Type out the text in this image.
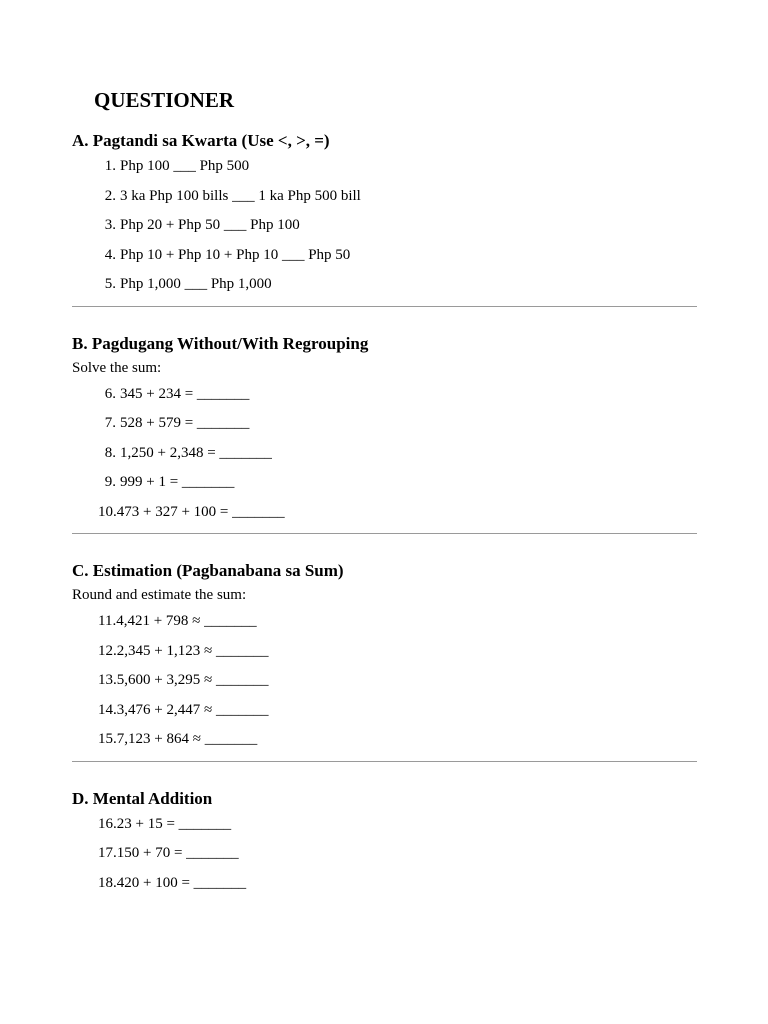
QUESTIONER
A. Pagtandi sa Kwarta (Use <, >, =)
1. Php 100 ___ Php 500
2. 3 ka Php 100 bills ___ 1 ka Php 500 bill
3. Php 20 + Php 50 ___ Php 100
4. Php 10 + Php 10 + Php 10 ___ Php 50
5. Php 1,000 ___ Php 1,000
B. Pagdugang Without/With Regrouping

Solve the sum:

6. 345 + 234 = _______
7. 528 + 579 = _______
8. 1,250 + 2,348 = _______
9. 999 + 1 = _______
10. 473 + 327 + 100 = _______
C. Estimation (Pagbanabana sa Sum)

Round and estimate the sum:

11. 4,421 + 798 ≈ _______
12. 2,345 + 1,123 ≈ _______
13. 5,600 + 3,295 ≈ _______
14. 3,476 + 2,447 ≈ _______
15. 7,123 + 864 ≈ _______
D. Mental Addition
16. 23 + 15 = _______
17. 150 + 70 = _______
18. 420 + 100 = _______
